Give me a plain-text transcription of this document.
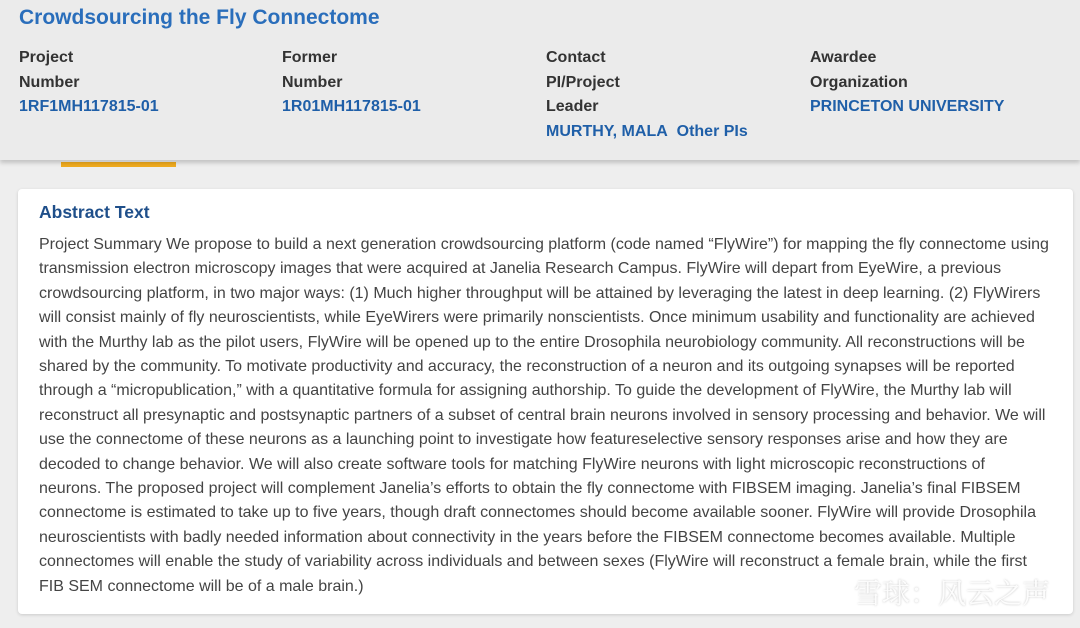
Crowdsourcing the Fly Connectome
Project
Number
1RF1MH117815-01
Former
Number
1R01MH117815-01
Contact
PI/Project
Leader
MURTHY, MALA Other PIs
Awardee
Organization
PRINCETON UNIVERSITY
Abstract Text

Project Summary We propose to build a next generation crowdsourcing platform (code named “FlyWire”) for mapping the fly connectome using transmission electron microscopy images that were acquired at Janelia Research Campus. FlyWire will depart from EyeWire, a previous crowdsourcing platform, in two major ways: (1) Much higher throughput will be attained by leveraging the latest in deep learning. (2) FlyWirers will consist mainly of fly neuroscientists, while EyeWirers were primarily nonscientists. Once minimum usability and functionality are achieved with the Murthy lab as the pilot users, FlyWire will be opened up to the entire Drosophila neurobiology community. All reconstructions will be shared by the community. To motivate productivity and accuracy, the reconstruction of a neuron and its outgoing synapses will be reported through a “micropublication,” with a quantitative formula for assigning authorship. To guide the development of FlyWire, the Murthy lab will reconstruct all presynaptic and postsynaptic partners of a subset of central brain neurons involved in sensory processing and behavior. We will use the connectome of these neurons as a launching point to investigate how featureselective sensory responses arise and how they are decoded to change behavior. We will also create software tools for matching FlyWire neurons with light microscopic reconstructions of neurons. The proposed project will complement Janelia’s efforts to obtain the fly connectome with FIBSEM imaging. Janelia’s final FIBSEM connectome is estimated to take up to five years, though draft connectomes should become available sooner. FlyWire will provide Drosophila neuroscientists with badly needed information about connectivity in the years before the FIBSEM connectome becomes available. Multiple connectomes will enable the study of variability across individuals and between sexes (FlyWire will reconstruct a female brain, while the first FIB SEM connectome will be of a male brain.)	雪球：风云之声
